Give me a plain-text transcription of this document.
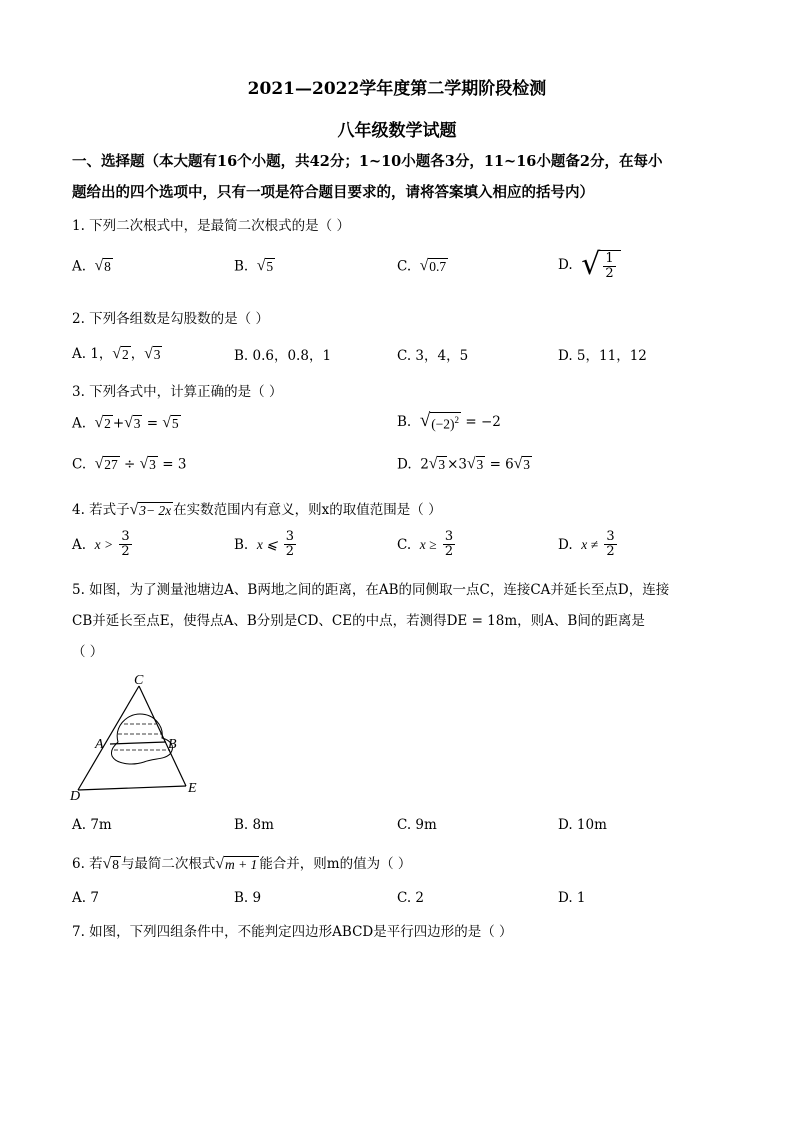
2021—2022学年度第二学期阶段检测
八年级数学试题
一、选择题（本大题有16个小题，共42分；1~10小题各3分，11~16小题备2分，在每小
题给出的四个选项中，只有一项是符合题目要求的，请将答案填入相应的括号内）
1. 下列二次根式中，是最简二次根式的是（ ）
A. √ 8	B. √ 5	C. √ 0.7	D. √ $\frac{1}{2}$
2. 下列各组数是勾股数的是（ ）
A. 1， √ 2 ， √ 3	B. 0.6，0.8，1	C. 3，4，5	D. 5，11，12
3. 下列各式中，计算正确的是（ ）
A. √ 2 + √ 3 = √ 5	B. √ $(-2)^2 = -2$
C. √ 27 ÷ √ 3 = 3	D. 2 √ 3 ×3 √ 3 = 6 √ 3
4. 若式子 √ 3− 2x 在实数范围内有意义，则x的取值范围是（ ）
A. $x > \frac{3}{2}$	B. x ⩽ $\frac{3}{2}$	C. $x \ge \frac{3}{2}$	D. $x \ne \frac{3}{2}$
5. 如图，为了测量池塘边A、B两地之间的距离，在AB的同侧取一点C，连接CA并延长至点D，连接
CB并延长至点E，使得点A、B分别是CD、CE的中点，若测得DE = 18m，则A、B间的距离是
（ ）
C
A	B
D
E
A. 7m	B. 8m	C. 9m	D. 10m
6. 若 √ 8 与最简二次根式 √ m + 1 能合并，则m的值为（ ）
A. 7	B. 9	C. 2	D. 1
7. 如图，下列四组条件中，不能判定四边形ABCD是平行四边形的是（ ）
